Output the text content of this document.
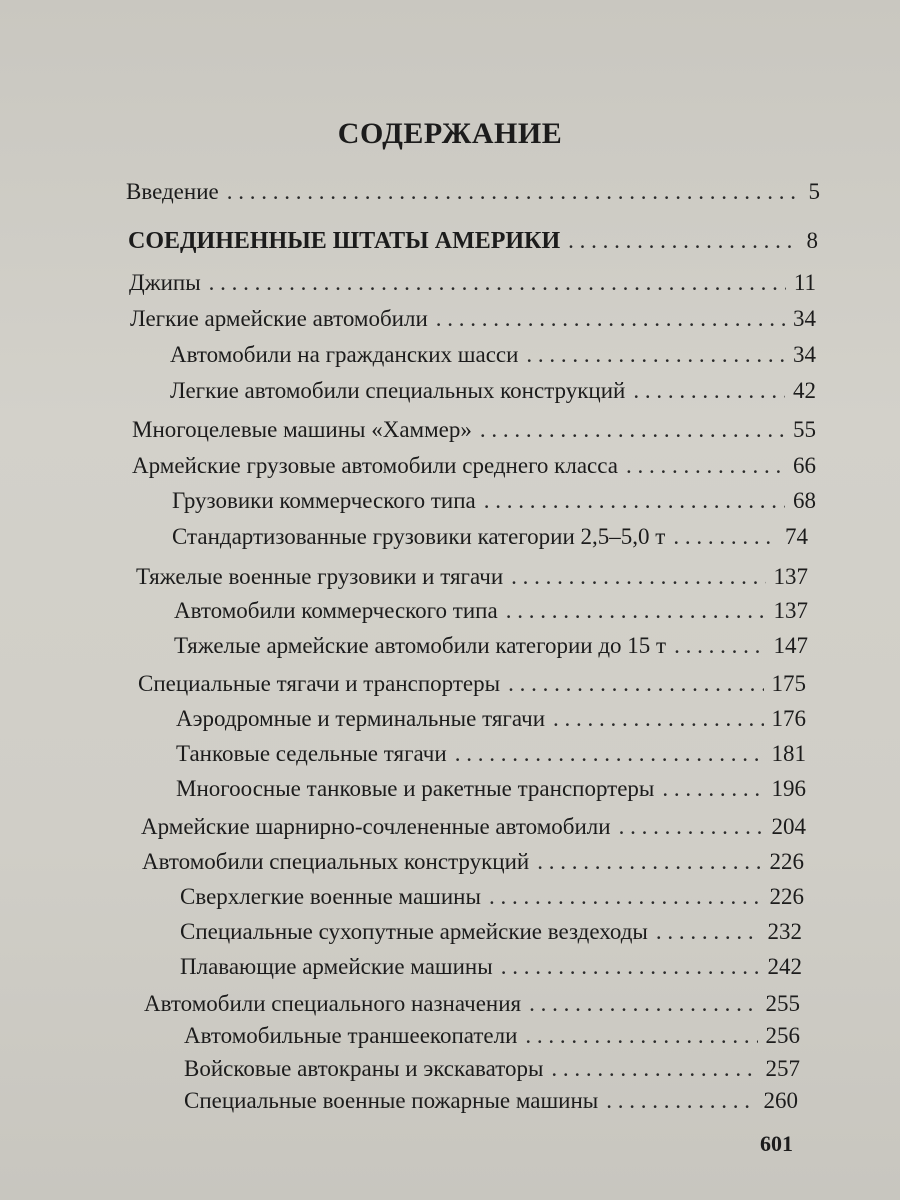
СОДЕРЖАНИЕ
Введение . . .	5
СОЕДИНЕННЫЕ ШТАТЫ АМЕРИКИ . . .	8
Джипы . . .	11
Легкие армейские автомобили . . .	34
Автомобили на гражданских шасси . . .	34
Легкие автомобили специальных конструкций . . .	42
Многоцелевые машины «Хаммер» . . .	55
Армейские грузовые автомобили среднего класса . . .	66
Грузовики коммерческого типа . . .	68
Стандартизованные грузовики категории 2,5–5,0 т . . .	74
Тяжелые военные грузовики и тягачи . . .	137
Автомобили коммерческого типа . . .	137
Тяжелые армейские автомобили категории до 15 т . . .	147
Специальные тягачи и транспортеры . . .	175
Аэродромные и терминальные тягачи . . .	176
Танковые седельные тягачи . . .	181
Многоосные танковые и ракетные транспортеры . . .	196
Армейские шарнирно-сочлененные автомобили . . .	204
Автомобили специальных конструкций . . .	226
Сверхлегкие военные машины . . .	226
Специальные сухопутные армейские вездеходы . . .	232
Плавающие армейские машины . . .	242
Автомобили специального назначения . . .	255
Автомобильные траншеекопатели . . .	256
Войсковые автокраны и экскаваторы . . .	257
Специальные военные пожарные машины . . .	260
601
